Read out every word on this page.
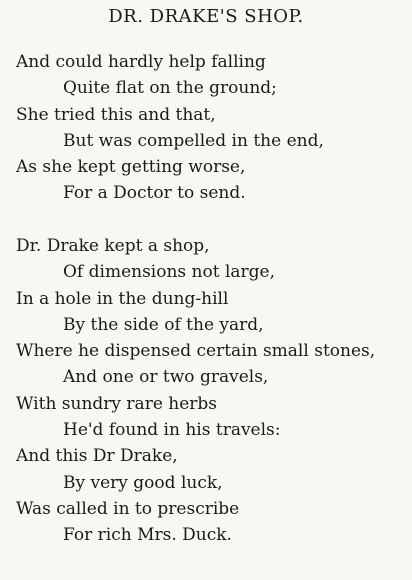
DR. DRAKE'S SHOP.
And could hardly help falling
Quite flat on the ground;
She tried this and that,
But was compelled in the end,
As she kept getting worse,
For a Doctor to send.
Dr. Drake kept a shop,
Of dimensions not large,
In a hole in the dung-hill
By the side of the yard,
Where he dispensed certain small stones,
And one or two gravels,
With sundry rare herbs
He'd found in his travels:
And this Dr Drake,
By very good luck,
Was called in to prescribe
For rich Mrs. Duck.
